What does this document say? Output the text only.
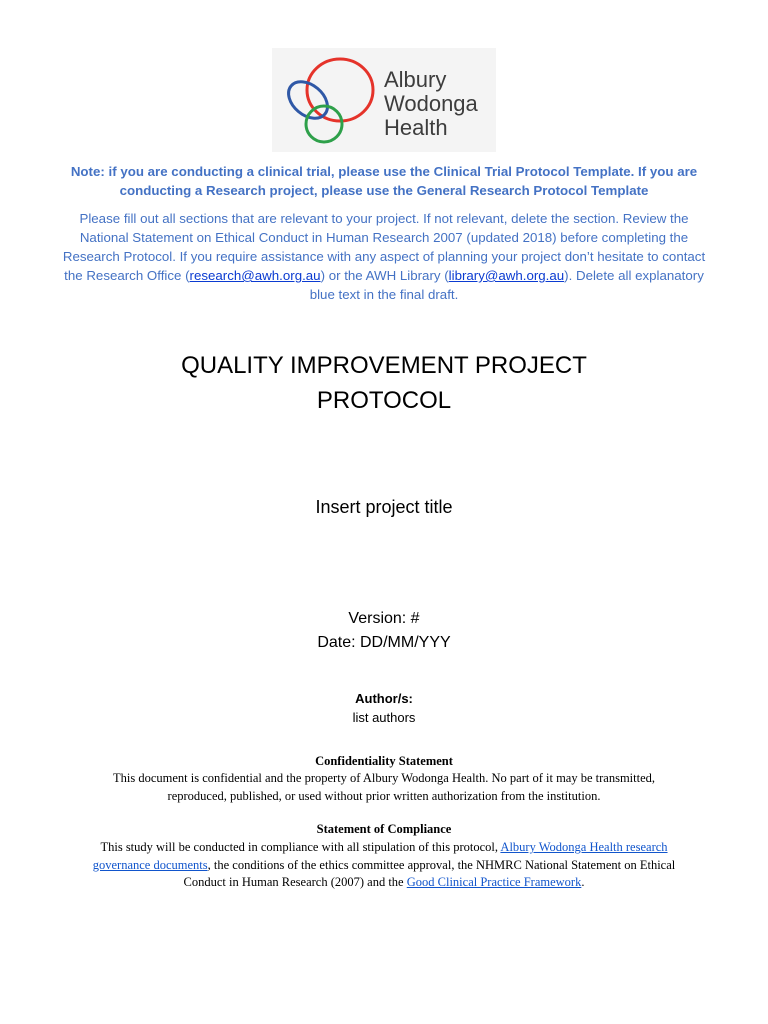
Albury
Wodonga
Health
Note: if you are conducting a clinical trial, please use the Clinical Trial Protocol Template. If you are conducting a Research project, please use the General Research Protocol Template
Please fill out all sections that are relevant to your project. If not relevant, delete the section. Review the National Statement on Ethical Conduct in Human Research 2007 (updated 2018) before completing the Research Protocol. If you require assistance with any aspect of planning your project don’t hesitate to contact the Research Office (research@awh.org.au) or the AWH Library (library@awh.org.au). Delete all explanatory blue text in the final draft.
QUALITY IMPROVEMENT PROJECT
PROTOCOL
Insert project title
Version: #
Date: DD/MM/YYY
Author/s:
list authors
Confidentiality Statement
This document is confidential and the property of Albury Wodonga Health. No part of it may be transmitted, reproduced, published, or used without prior written authorization from the institution.
Statement of Compliance
This study will be conducted in compliance with all stipulation of this protocol, Albury Wodonga Health research governance documents, the conditions of the ethics committee approval, the NHMRC National Statement on Ethical Conduct in Human Research (2007) and the Good Clinical Practice Framework.
